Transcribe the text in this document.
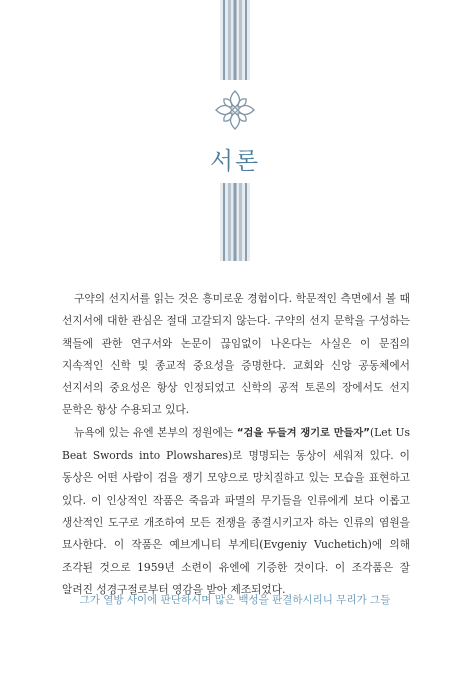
서론

구약의 선지서를 읽는 것은 흥미로운 경험이다. 학문적인 측면에서 볼 때 선지서에 대한 관심은 절대 고갈되지 않는다. 구약의 선지 문학을 구성하는 책들에 관한 연구서와 논문이 끊임없이 나온다는 사실은 이 문집의 지속적인 신학 및 종교적 중요성을 증명한다. 교회와 신앙 공동체에서 선지서의 중요성은 항상 인정되었고 신학의 공적 토론의 장에서도 선지 문학은 항상 수용되고 있다.

뉴욕에 있는 유엔 본부의 정원에는 “검을 두들겨 쟁기로 만들자”(Let Us Beat Swords into Plowshares)로 명명되는 동상이 세워져 있다. 이 동상은 어떤 사람이 검을 쟁기 모양으로 망치질하고 있는 모습을 표현하고 있다. 이 인상적인 작품은 죽음과 파멸의 무기들을 인류에게 보다 이롭고 생산적인 도구로 개조하여 모든 전쟁을 종결시키고자 하는 인류의 염원을 묘사한다. 이 작품은 예브게니티 부게티(Evgeniy Vuchetich)에 의해 조각된 것으로 1959년 소련이 유엔에 기증한 것이다. 이 조각품은 잘 알려진 성경구절로부터 영감을 받아 제조되었다.

그가 열방 사이에 판단하시며 많은 백성을 판결하시리니 무리가 그들
